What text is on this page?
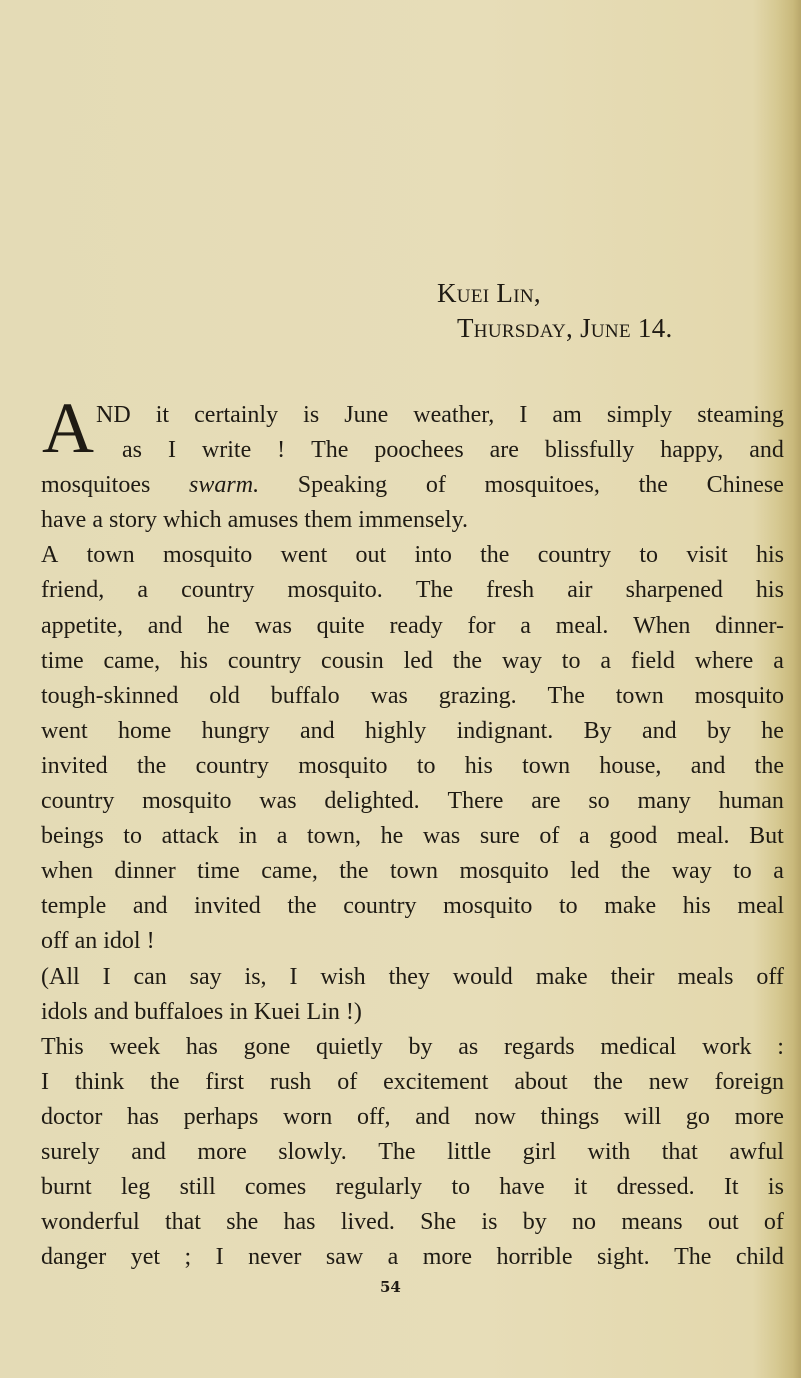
Kuei Lin,
Thursday, June 14.
A ND it certainly is June weather, I am simply steaming
as I write ! The poochees are blissfully happy, and
mosquitoes swarm. Speaking of mosquitoes, the Chinese
have a story which amuses them immensely.
A town mosquito went out into the country to visit his
friend, a country mosquito. The fresh air sharpened his
appetite, and he was quite ready for a meal. When dinner-
time came, his country cousin led the way to a field where a
tough-skinned old buffalo was grazing. The town mosquito
went home hungry and highly indignant. By and by he
invited the country mosquito to his town house, and the
country mosquito was delighted. There are so many human
beings to attack in a town, he was sure of a good meal. But
when dinner time came, the town mosquito led the way to a
temple and invited the country mosquito to make his meal
off an idol !
(All I can say is, I wish they would make their meals off
idols and buffaloes in Kuei Lin !)
This week has gone quietly by as regards medical work :
I think the first rush of excitement about the new foreign
doctor has perhaps worn off, and now things will go more
surely and more slowly. The little girl with that awful
burnt leg still comes regularly to have it dressed. It is
wonderful that she has lived. She is by no means out of
danger yet ; I never saw a more horrible sight. The child
54
